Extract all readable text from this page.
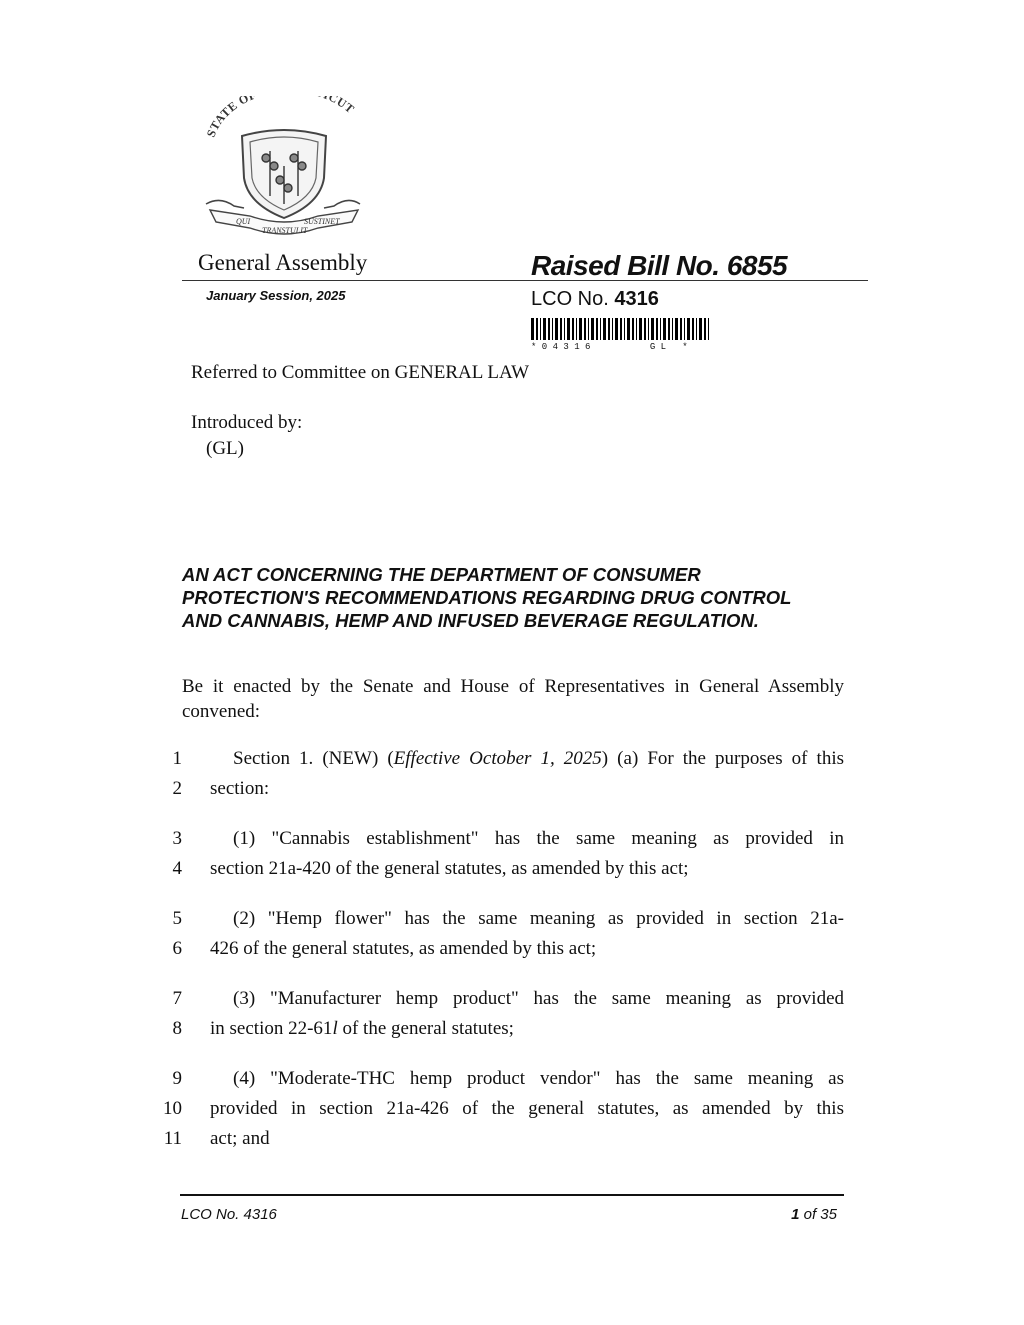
STATE O CUT
QUI
TRANSTULIT
SUSTINET
General Assembly	Raised Bill No. 6855
January Session, 2025	LCO No. 4316
* 0 4 3 1 6           G L   *
Referred to Committee on GENERAL LAW
Introduced by:
(GL)
AN ACT CONCERNING THE DEPARTMENT OF CONSUMER PROTECTION'S RECOMMENDATIONS REGARDING DRUG CONTROL AND CANNABIS, HEMP AND INFUSED BEVERAGE REGULATION.
Be it enacted by the Senate and House of Representatives in General Assembly convened:
1	Section 1. (NEW) (Effective October 1, 2025) (a) For the purposes of this
2 section:
3	(1) "Cannabis establishment" has the same meaning as provided in
4 section 21a-420 of the general statutes, as amended by this act;
5	(2) "Hemp flower" has the same meaning as provided in section 21a-
6 426 of the general statutes, as amended by this act;
7	(3) "Manufacturer hemp product" has the same meaning as provided
8 in section 22-61l of the general statutes;
9	(4) "Moderate-THC hemp product vendor" has the same meaning as
10 provided in section 21a-426 of the general statutes, as amended by this
11 act; and
LCO No. 4316	1 of 35
